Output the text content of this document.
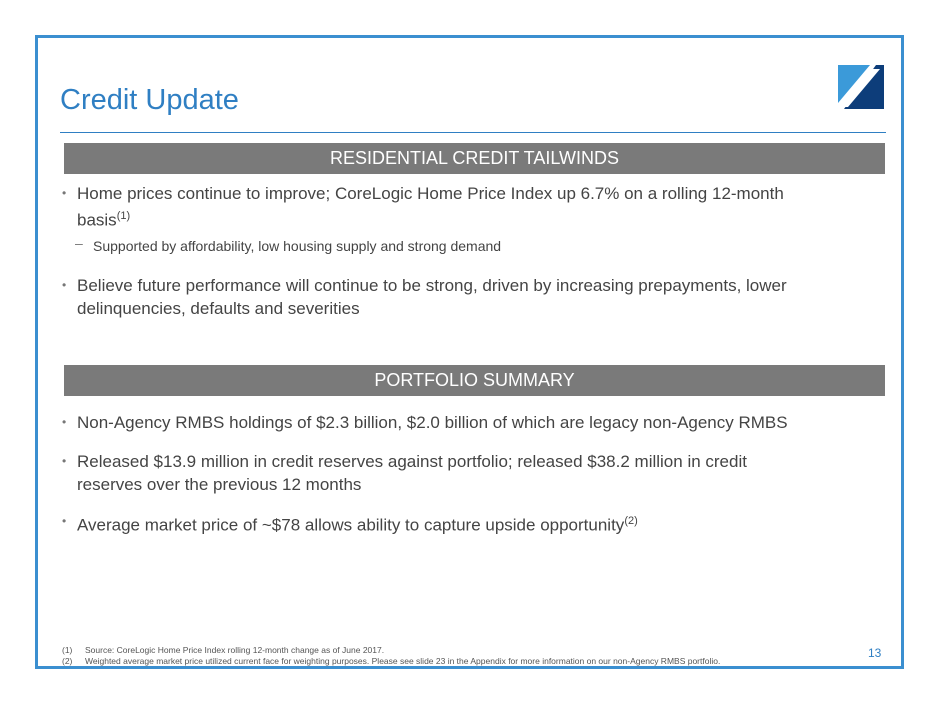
Credit Update
RESIDENTIAL CREDIT TAILWINDS
• Home prices continue to improve; CoreLogic Home Price Index up 6.7% on a rolling 12-month
basis$^{(1)}$
– Supported by affordability, low housing supply and strong demand
• Believe future performance will continue to be strong, driven by increasing prepayments, lower
delinquencies, defaults and severities
PORTFOLIO SUMMARY
• Non-Agency RMBS holdings of $2.3 billion, $2.0 billion of which are legacy non-Agency RMBS
• Released $13.9 million in credit reserves against portfolio; released $38.2 million in credit
reserves over the previous 12 months
• Average market price of ~$78 allows ability to capture upside opportunity$^{(2)}$
(1) Source: CoreLogic Home Price Index rolling 12-month change as of June 2017.
(2) Weighted average market price utilized current face for weighting purposes. Please see slide 23 in the Appendix for more information on our non-Agency RMBS portfolio.
13
